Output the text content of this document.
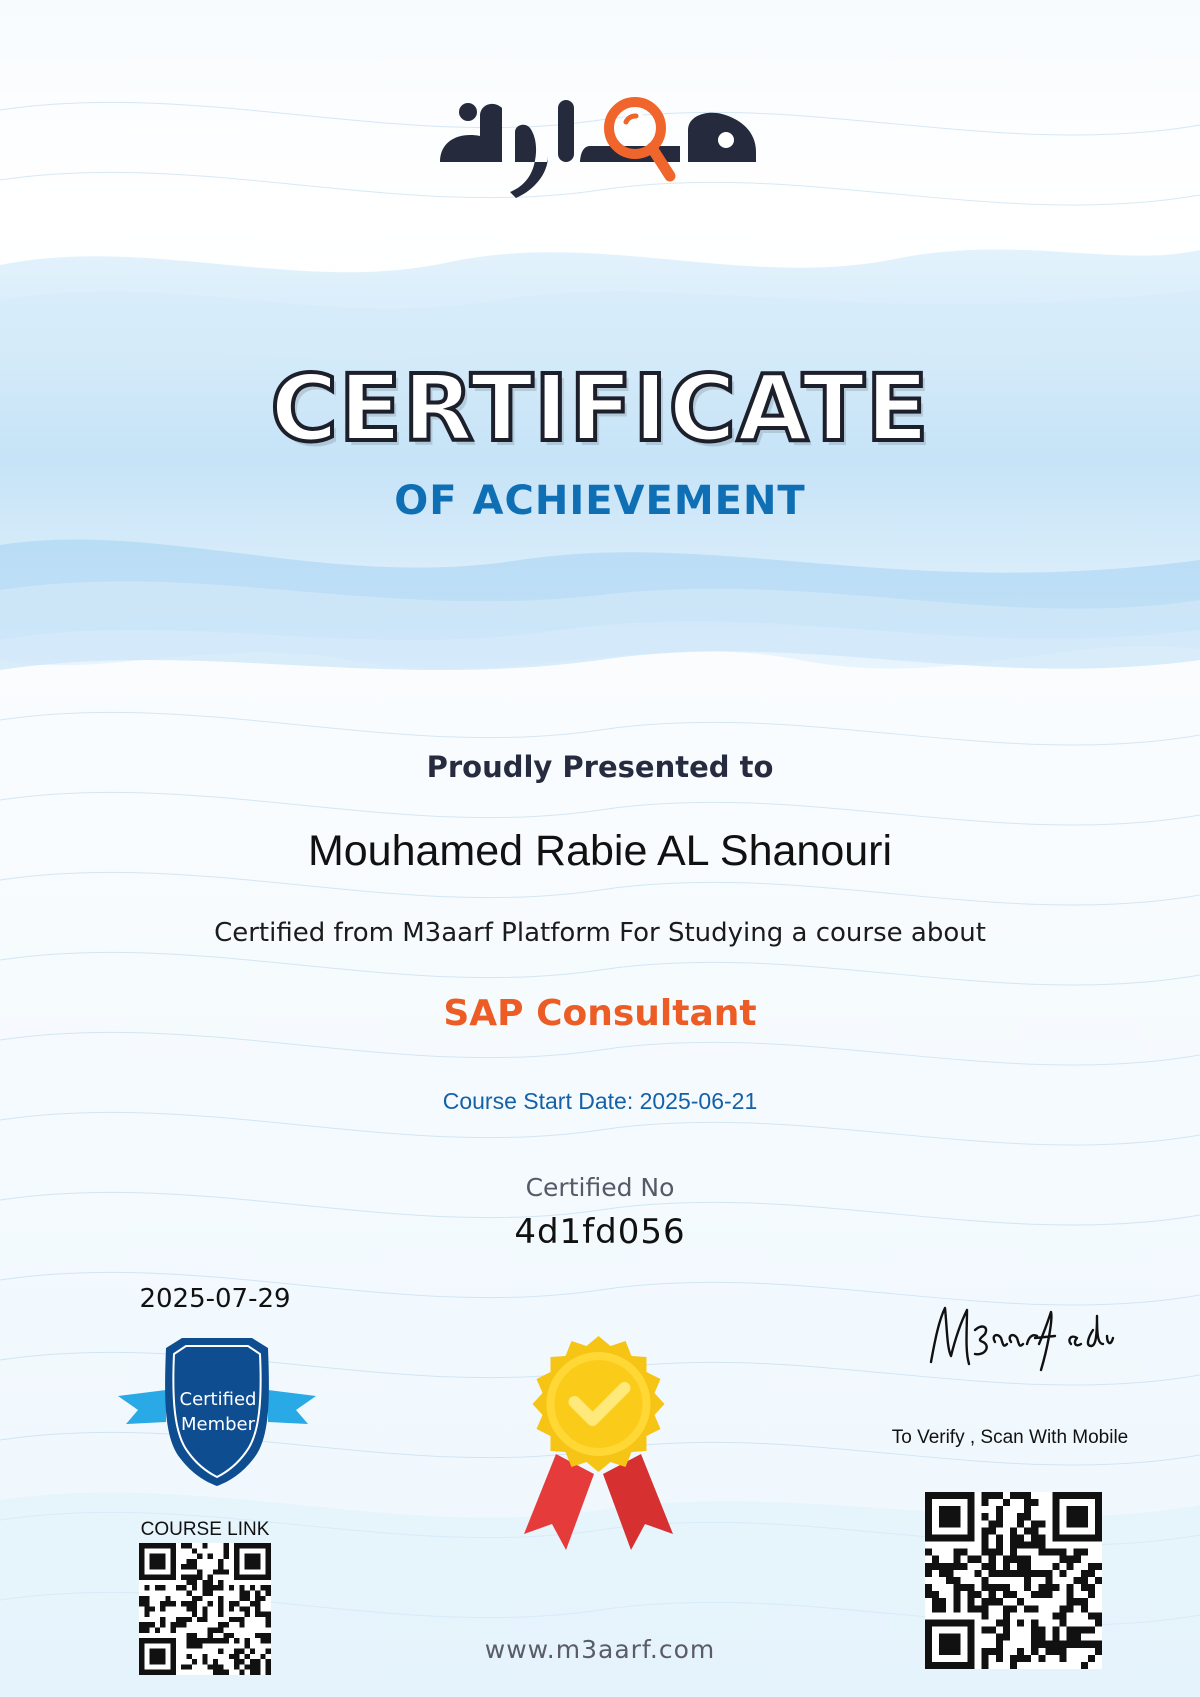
CERTIFICATE
OF ACHIEVEMENT
Proudly Presented to
Mouhamed Rabie AL Shanouri
Certified from M3aarf Platform For Studying a course about
SAP Consultant
Course Start Date: 2025-06-21
Certified No
4d1fd056
2025-07-29
Certified
Member
COURSE LINK
www.m3aarf.com
To Verify , Scan With Mobile
